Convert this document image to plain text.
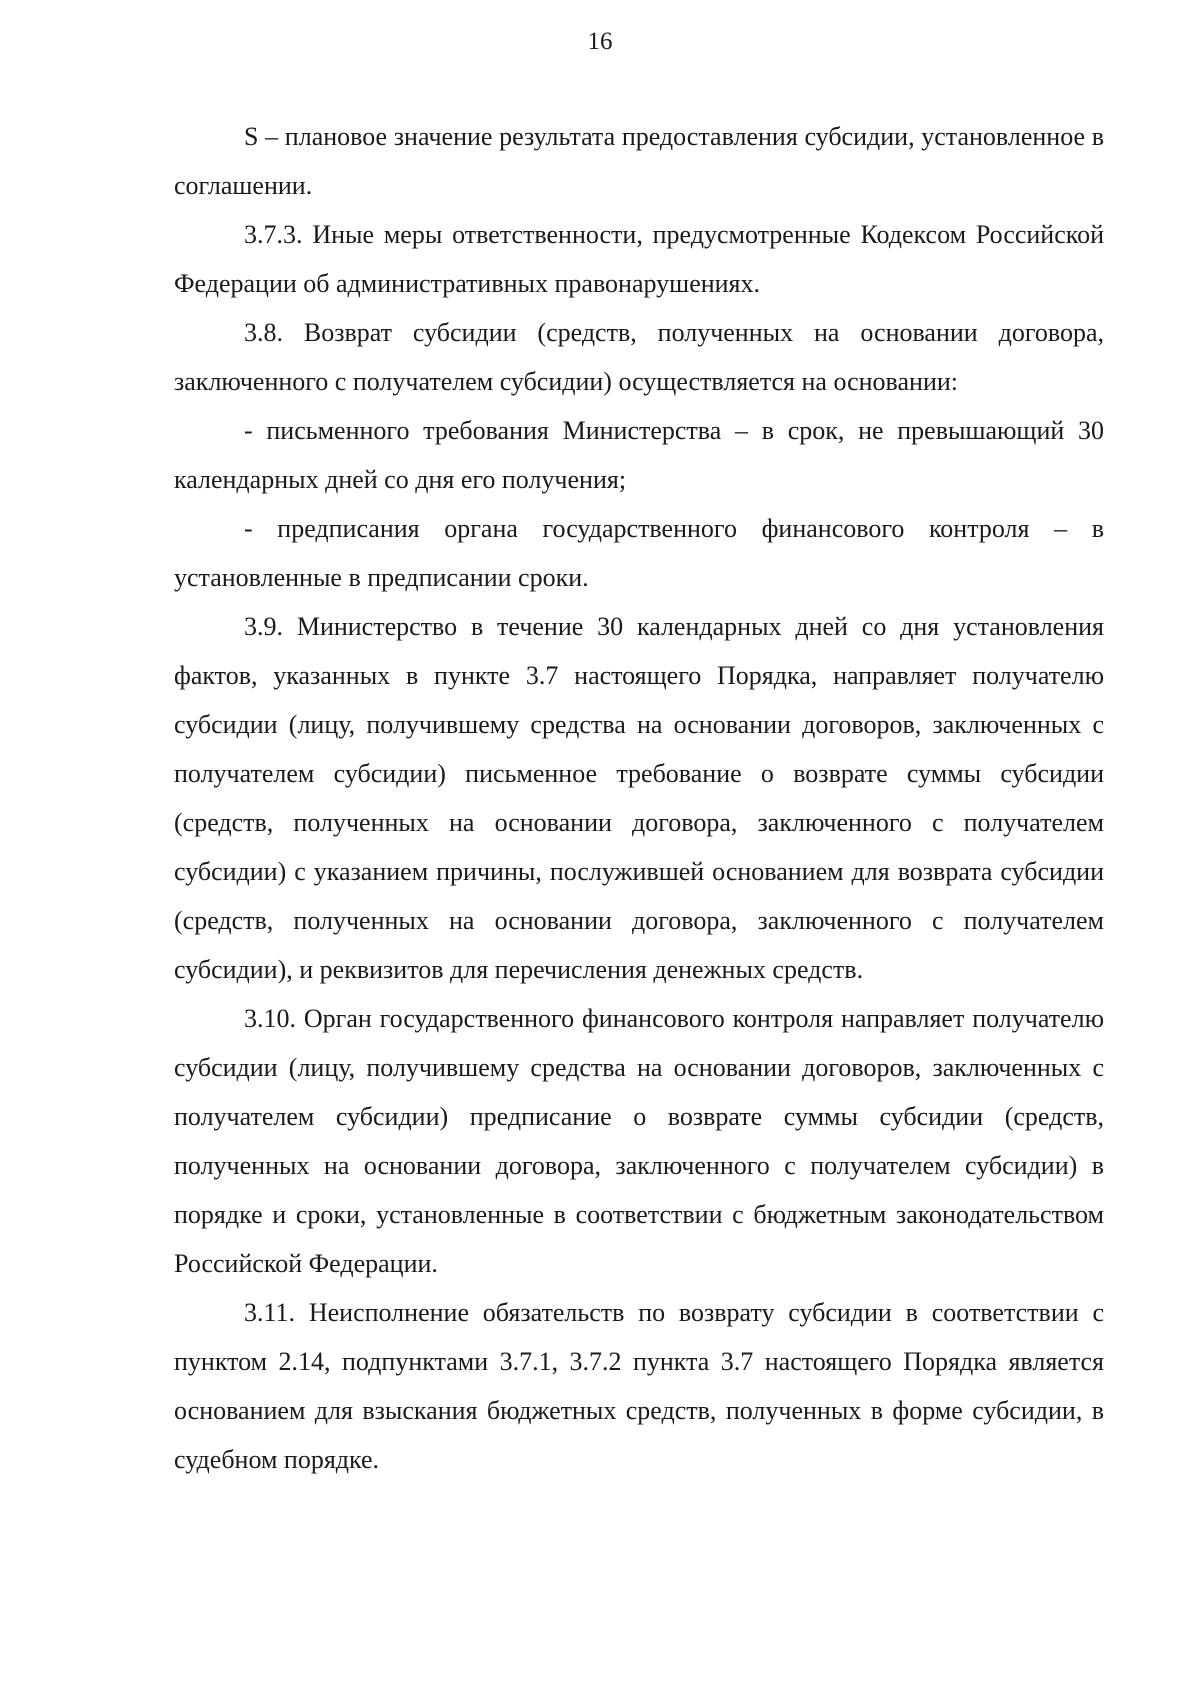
16

S – плановое значение результата предоставления субсидии, установленное в соглашении.

3.7.3. Иные меры ответственности, предусмотренные Кодексом Российской Федерации об административных правонарушениях.

3.8. Возврат субсидии (средств, полученных на основании договора, заключенного с получателем субсидии) осуществляется на основании:

- письменного требования Министерства – в срок, не превышающий 30 календарных дней со дня его получения;

- предписания органа государственного финансового контроля – в установленные в предписании сроки.

3.9. Министерство в течение 30 календарных дней со дня установления фактов, указанных в пункте 3.7 настоящего Порядка, направляет получателю субсидии (лицу, получившему средства на основании договоров, заключенных с получателем субсидии) письменное требование о возврате суммы субсидии (средств, полученных на основании договора, заключенного с получателем субсидии) с указанием причины, послужившей основанием для возврата субсидии (средств, полученных на основании договора, заключенного с получателем субсидии), и реквизитов для перечисления денежных средств.

3.10. Орган государственного финансового контроля направляет получателю субсидии (лицу, получившему средства на основании договоров, заключенных с получателем субсидии) предписание о возврате суммы субсидии (средств, полученных на основании договора, заключенного с получателем субсидии) в порядке и сроки, установленные в соответствии с бюджетным законодательством Российской Федерации.

3.11. Неисполнение обязательств по возврату субсидии в соответствии с пунктом 2.14, подпунктами 3.7.1, 3.7.2 пункта 3.7 настоящего Порядка является основанием для взыскания бюджетных средств, полученных в форме субсидии, в судебном порядке.
